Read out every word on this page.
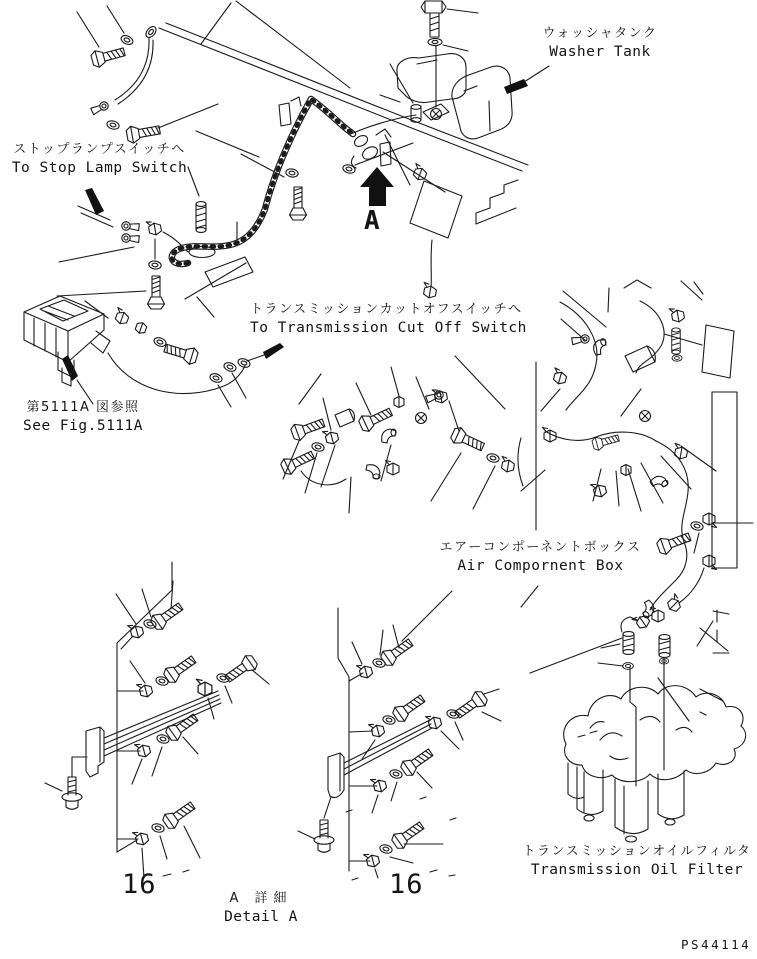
ウォッシャタンク
Washer Tank
ストップランプスイッチへ
To Stop Lamp Switch
トランスミッションカットオフスイッチへ
To Transmission Cut Off Switch
第5111A 図参照
See Fig.5111A
エアーコンポーネントボックス
Air Compornent Box
トランスミッションオイルフィルタ
Transmission Oil Filter
A 詳細
Detail A
16	16
A
PS44114
